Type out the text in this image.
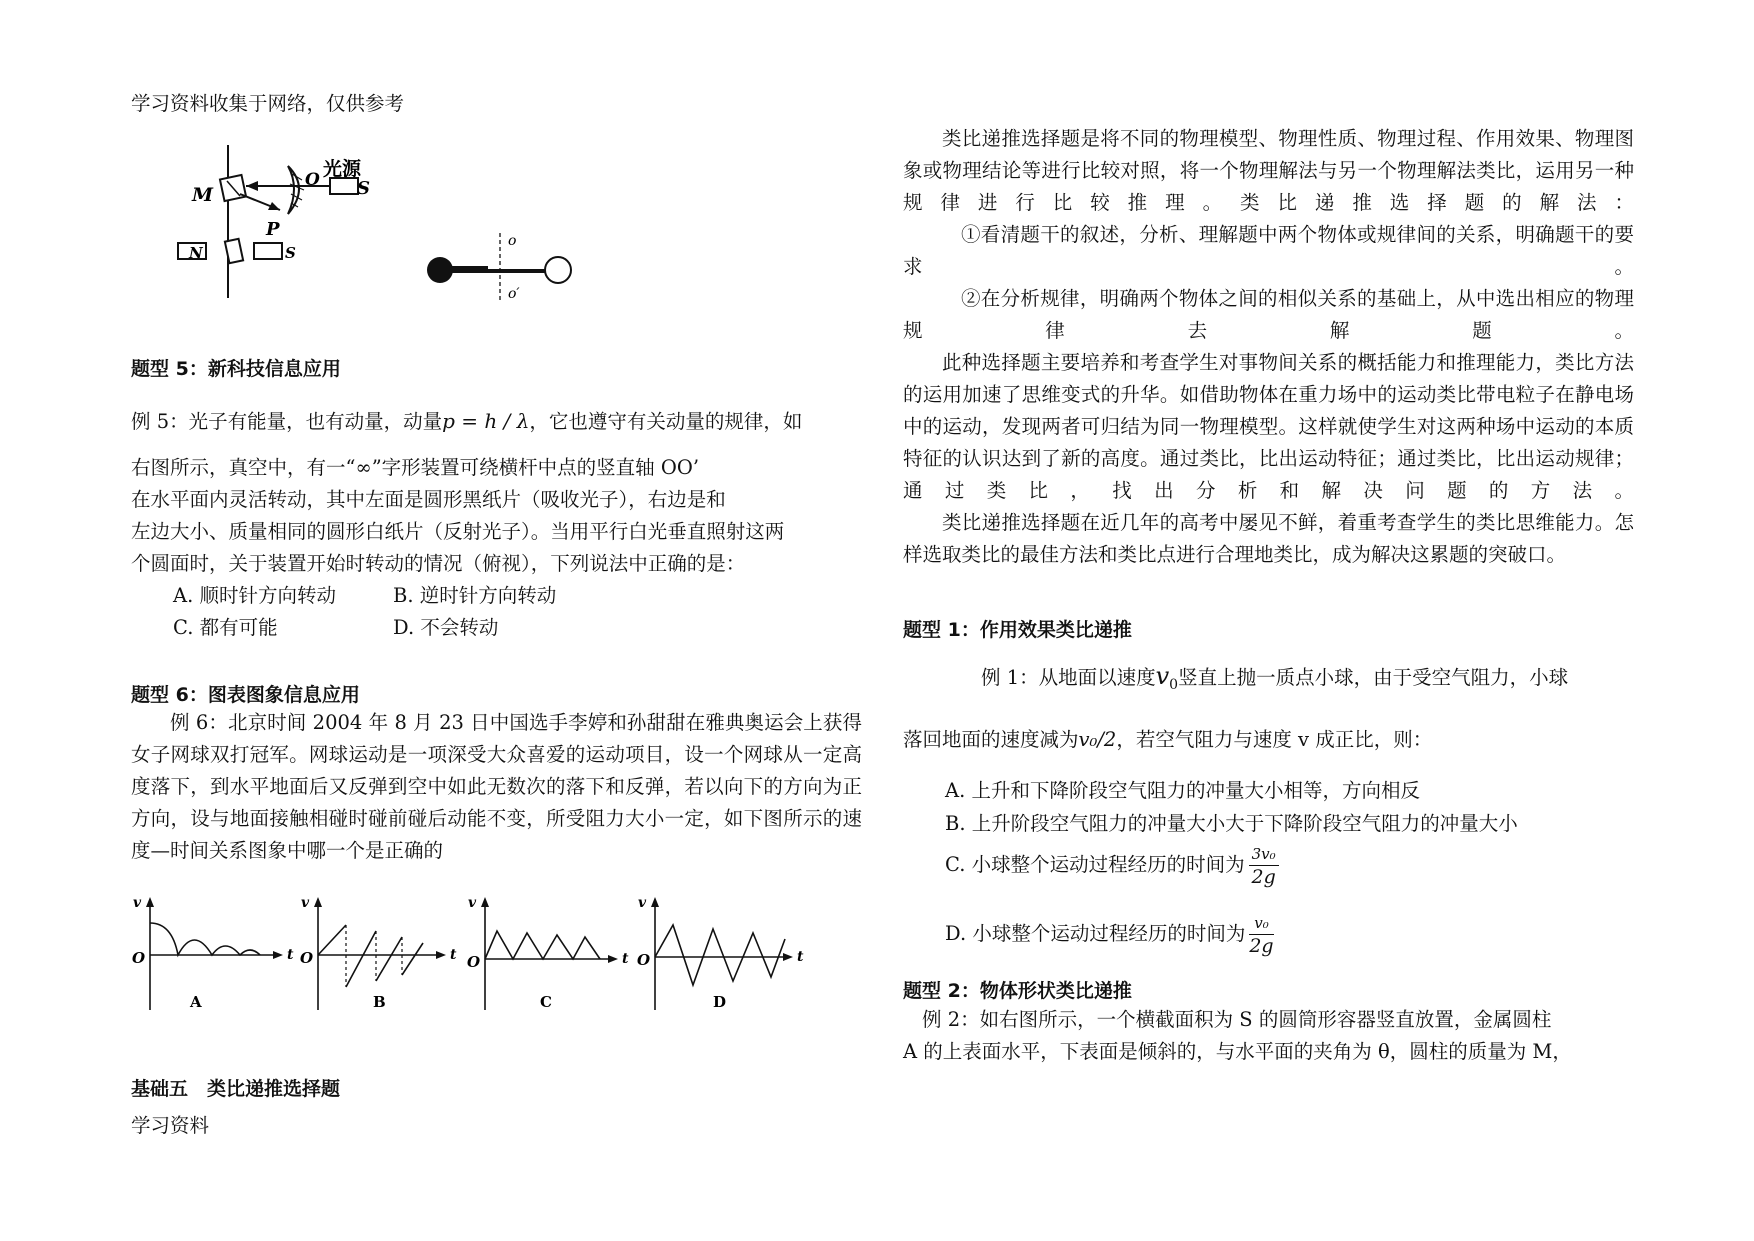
学习资料收集于网络，仅供参考
M
O 光源
S
P
N	S
o
o′
题型 5：新科技信息应用
例 5：光子有能量，也有动量，动量p = h / λ，它也遵守有关动量的规律，如
右图所示，真空中，有一“∞”字形装置可绕横杆中点的竖直轴 OO’
在水平面内灵活转动，其中左面是圆形黑纸片（吸收光子），右边是和
左边大小、质量相同的圆形白纸片（反射光子）。当用平行白光垂直照射这两
个圆面时，关于装置开始时转动的情况（俯视），下列说法中正确的是：
A. 顺时针方向转动	B. 逆时针方向转动
C. 都有可能	D. 不会转动
题型 6：图表图象信息应用
例 6：北京时间 2004 年 8 月 23 日中国选手李婷和孙甜甜在雅典奥运会上获得女子网球双打冠军。网球运动是一项深受大众喜爱的运动项目，设一个网球从一定高度落下，到水平地面后又反弹到空中如此无数次的落下和反弹，若以向下的方向为正方向，设与地面接触相碰时碰前碰后动能不变，所受阻力大小一定，如下图所示的速度—时间关系图象中哪一个是正确的
v
t
O
A
v
t
O
B
v
t
O
C
v
t
O
D
基础五　类比递推选择题
学习资料
类比递推选择题是将不同的物理模型、物理性质、物理过程、作用效果、物理图象或物理结论等进行比较对照，将一个物理解法与另一个物理解法类比，运用另一种规律进行比较推理。类比递推选择题的解法：
①看清题干的叙述，分析、理解题中两个物体或规律间的关系，明确题干的要求。
②在分析规律，明确两个物体之间的相似关系的基础上，从中选出相应的物理规律去解题。
此种选择题主要培养和考查学生对事物间关系的概括能力和推理能力，类比方法的运用加速了思维变式的升华。如借助物体在重力场中的运动类比带电粒子在静电场中的运动，发现两者可归结为同一物理模型。这样就使学生对这两种场中运动的本质特征的认识达到了新的高度。通过类比，比出运动特征；通过类比，比出运动规律；通过类比，找出分析和解决问题的方法。
类比递推选择题在近几年的高考中屡见不鲜，着重考查学生的类比思维能力。怎样选取类比的最佳方法和类比点进行合理地类比，成为解决这累题的突破口。
题型 1：作用效果类比递推
例 1：从地面以速度$v_0$竖直上抛一质点小球，由于受空气阻力，小球
落回地面的速度减为v₀/2，若空气阻力与速度 v 成正比，则：
A. 上升和下降阶段空气阻力的冲量大小相等，方向相反
B. 上升阶段空气阻力的冲量大小大于下降阶段空气阻力的冲量大小
C. 小球整个运动过程经历的时间为 $\frac{\text{3v₀}}{2g}$
D. 小球整个运动过程经历的时间为 $\frac{\text{v₀}}{2g}$
题型 2：物体形状类比递推
例 2：如右图所示，一个横截面积为 S 的圆筒形容器竖直放置，金属圆柱
A 的上表面水平，下表面是倾斜的，与水平面的夹角为 θ，圆柱的质量为 M，
